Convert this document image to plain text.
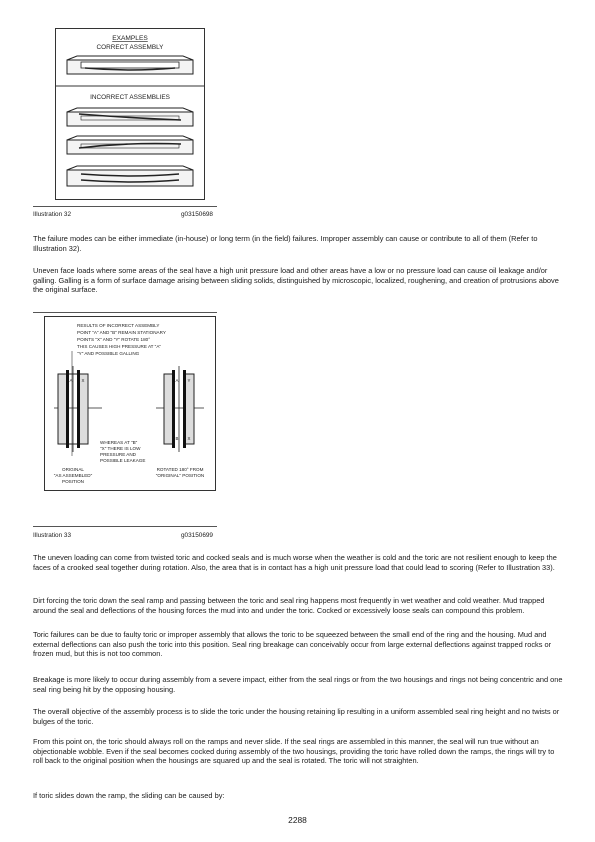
EXAMPLES
CORRECT ASSEMBLY
INCORRECT ASSEMBLIES
Illustration 32	g03150698

The failure modes can be either immediate (in-house) or long term (in the field) failures. Improper assembly can cause or contribute to all of them (Refer to Illustration 32).

Uneven face loads where some areas of the seal have a high unit pressure load and other areas have a low or no pressure load can cause oil leakage and/or galling. Galling is a form of surface damage arising between sliding solids, distinguished by microscopic, localized, roughening, and creation of protrusions above the original surface.

RESULTS OF INCORRECT ASSEMBLY
POINT "A" AND "B" REMAIN STATIONARY
POINTS "X" AND "Y" ROTATE 180°
THIS CAUSES HIGH PRESSURE AT "A"
"Y" AND POSSIBLE GALLING
A X	A Y
B X
WHEREAS AT "B"
"X" THERE IS LOW
PRESSURE AND
POSSIBLE LEAKAGE
ORIGINAL
"AS ASSEMBLED"
POSITION
ROTATED 180° FROM
"ORIGINAL" POSITION
Illustration 33	g03150699

The uneven loading can come from twisted toric and cocked seals and is much worse when the weather is cold and the toric are not resilient enough to keep the faces of a crooked seal together during rotation. Also, the area that is in contact has a high unit pressure load that could lead to scoring (Refer to Illustration 33).

Dirt forcing the toric down the seal ramp and passing between the toric and seal ring happens most frequently in wet weather and cold weather. Mud trapped around the seal and deflections of the housing forces the mud into and under the toric. Cocked or excessively loose seals can compound this problem.

Toric failures can be due to faulty toric or improper assembly that allows the toric to be squeezed between the small end of the ring and the housing. Mud and external deflections can also push the toric into this position. Seal ring breakage can conceivably occur from large external deflections against trapped rocks or frozen mud, but this is not too common.

Breakage is more likely to occur during assembly from a severe impact, either from the seal rings or from the two housings and rings not being concentric and one seal ring being hit by the opposing housing.

The overall objective of the assembly process is to slide the toric under the housing retaining lip resulting in a uniform assembled seal ring height and no twists or bulges of the toric.

From this point on, the toric should always roll on the ramps and never slide. If the seal rings are assembled in this manner, the seal will run true without an objectionable wobble. Even if the seal becomes cocked during assembly of the two housings, providing the toric have rolled down the ramps, the rings will try to roll back to the original position when the housings are squared up and the seal is rotated. The toric will not straighten.

If toric slides down the ramp, the sliding can be caused by:

2288
